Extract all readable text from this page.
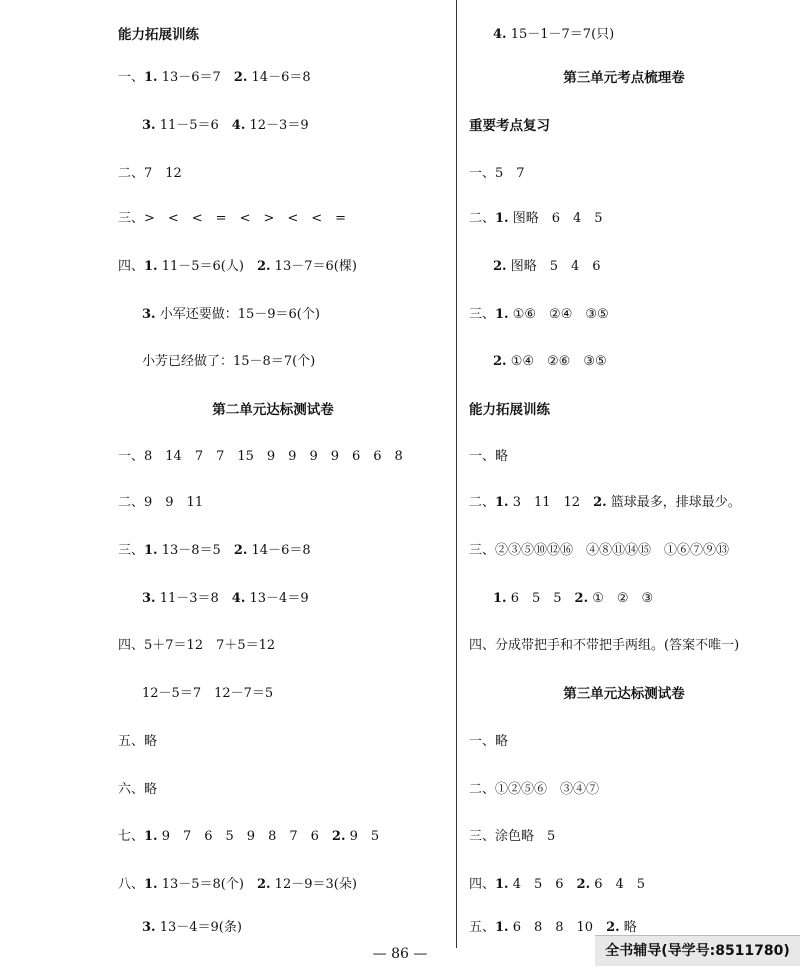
能力拓展训练
一、1. 13－6＝7　2. 14－6＝8
3. 11－5＝6　4. 12－3＝9
二、7　12
三、>　<　<　=　<　>　<　<　=
四、1. 11－5＝6(人)　2. 13－7＝6(棵)
3. 小军还要做：15－9＝6(个)
小芳已经做了：15－8＝7(个)
第二单元达标测试卷
一、8　14　7　7　15　9　9　9　9　6　6　8
二、9　9　11
三、1. 13－8＝5　2. 14－6＝8
3. 11－3＝8　4. 13－4＝9
四、5＋7＝12　7＋5＝12
12－5＝7　12－7＝5
五、略
六、略
七、1. 9　7　6　5　9　8　7　6　2. 9　5
八、1. 13－5＝8(个)　2. 12－9＝3(朵)
3. 13－4＝9(条)
4. 15－1－7＝7(只)
第三单元考点梳理卷
重要考点复习
一、5　7
二、1. 图略　6　4　5
2. 图略　5　4　6
三、1. ①⑥　②④　③⑤
2. ①④　②⑥　③⑤
能力拓展训练
一、略
二、1. 3　11　12　2. 篮球最多，排球最少。
三、②③⑤⑩⑫⑯　④⑧⑪⑭⑮　①⑥⑦⑨⑬
1. 6　5　5　2. ①　②　③
四、分成带把手和不带把手两组。(答案不唯一)
第三单元达标测试卷
一、略
二、①②⑤⑥　③④⑦
三、涂色略　5
四、1. 4　5　6　2. 6　4　5
五、1. 6　8　8　10　2. 略
— 86 —	全书辅导(导学号:8511780)
